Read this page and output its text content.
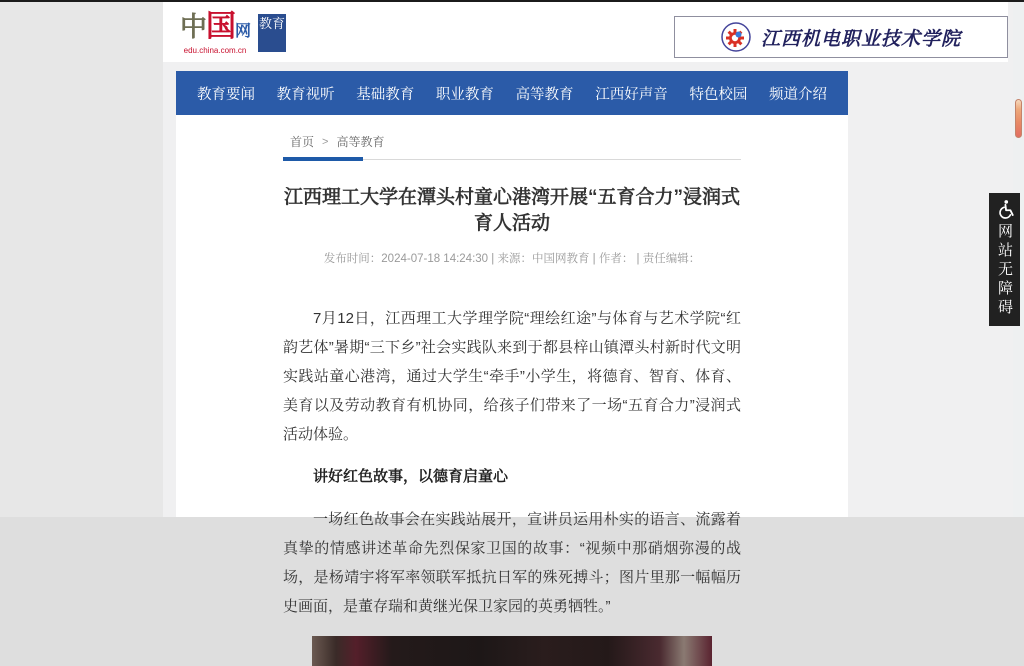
中国网
edu.china.com.cn
教育
江西机电职业技术学院
教育要闻 教育视听 基础教育 职业教育 高等教育 江西好声音 特色校园 频道介绍
首页 > 高等教育
江西理工大学在潭头村童心港湾开展“五育合力”浸润式育人活动
发布时间：2024-07-18 14:24:30 | 来源：中国网教育 | 作者： | 责任编辑：

7月12日，江西理工大学理学院“理绘红途”与体育与艺术学院“红韵艺体”暑期“三下乡”社会实践队来到于都县梓山镇潭头村新时代文明实践站童心港湾，通过大学生“牵手”小学生，将德育、智育、体育、美育以及劳动教育有机协同，给孩子们带来了一场“五育合力”浸润式活动体验。

讲好红色故事，以德育启童心

一场红色故事会在实践站展开，宣讲员运用朴实的语言、流露着真挚的情感讲述革命先烈保家卫国的故事：“视频中那硝烟弥漫的战场，是杨靖宇将军率领联军抵抗日军的殊死搏斗；图片里那一幅幅历史画面，是董存瑞和黄继光保卫家园的英勇牺牲。”

网站无障碍
